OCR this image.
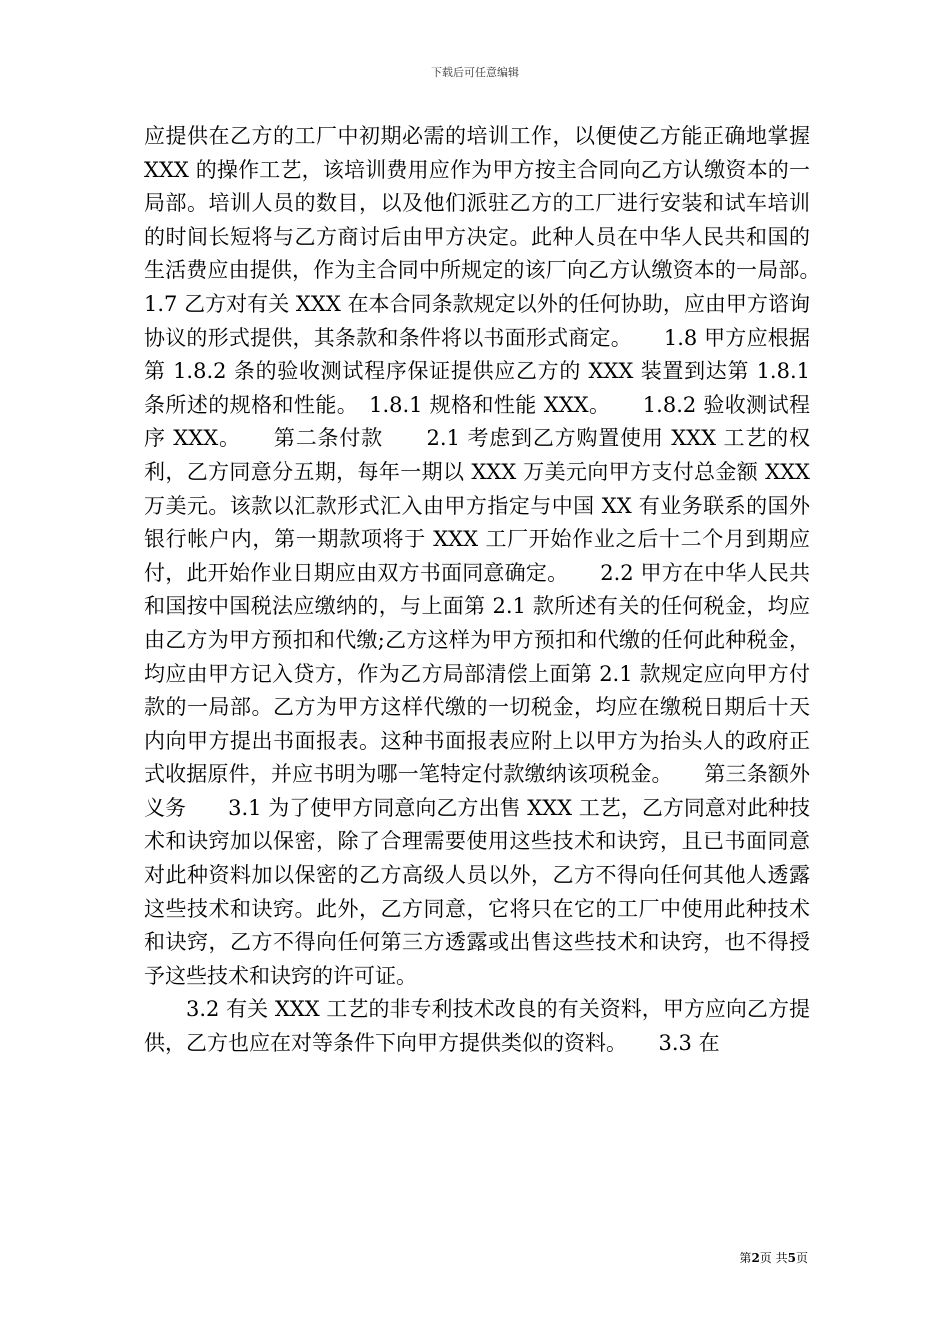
下载后可任意编辑

应提供在乙方的工厂中初期必需的培训工作，以便使乙方能正确地掌握 XXX 的操作工艺，该培训费用应作为甲方按主合同向乙方认缴资本的一局部。培训人员的数目，以及他们派驻乙方的工厂进行安装和试车培训的时间长短将与乙方商讨后由甲方决定。此种人员在中华人民共和国的生活费应由提供，作为主合同中所规定的该厂向乙方认缴资本的一局部。　　1.7 乙方对有关 XXX 在本合同条款规定以外的任何协助，应由甲方谘询协议的形式提供，其条款和条件将以书面形式商定。　　1.8 甲方应根据第 1.8.2 条的验收测试程序保证提供应乙方的 XXX 装置到达第 1.8.1 条所述的规格和性能。　1.8.1 规格和性能 XXX。　　1.8.2 验收测试程序 XXX。　　第二条付款　　2.1 考虑到乙方购置使用 XXX 工艺的权利，乙方同意分五期，每年一期以 XXX 万美元向甲方支付总金额 XXX 万美元。该款以汇款形式汇入由甲方指定与中国 XX 有业务联系的国外银行帐户内，第一期款项将于 XXX 工厂开始作业之后十二个月到期应付，此开始作业日期应由双方书面同意确定。　　2.2 甲方在中华人民共和国按中国税法应缴纳的，与上面第 2.1 款所述有关的任何税金，均应由乙方为甲方预扣和代缴;乙方这样为甲方预扣和代缴的任何此种税金，均应由甲方记入贷方，作为乙方局部清偿上面第 2.1 款规定应向甲方付款的一局部。乙方为甲方这样代缴的一切税金，均应在缴税日期后十天内向甲方提出书面报表。这种书面报表应附上以甲方为抬头人的政府正式收据原件，并应书明为哪一笔特定付款缴纳该项税金。　　第三条额外义务　　3.1 为了使甲方同意向乙方出售 XXX 工艺，乙方同意对此种技术和诀窍加以保密，除了合理需要使用这些技术和诀窍，且已书面同意对此种资料加以保密的乙方高级人员以外，乙方不得向任何其他人透露这些技术和诀窍。此外，乙方同意，它将只在它的工厂中使用此种技术和诀窍，乙方不得向任何第三方透露或出售这些技术和诀窍，也不得授予这些技术和诀窍的许可证。

3.2 有关 XXX 工艺的非专利技术改良的有关资料，甲方应向乙方提供，乙方也应在对等条件下向甲方提供类似的资料。　　3.3 在

第2页 共5页
